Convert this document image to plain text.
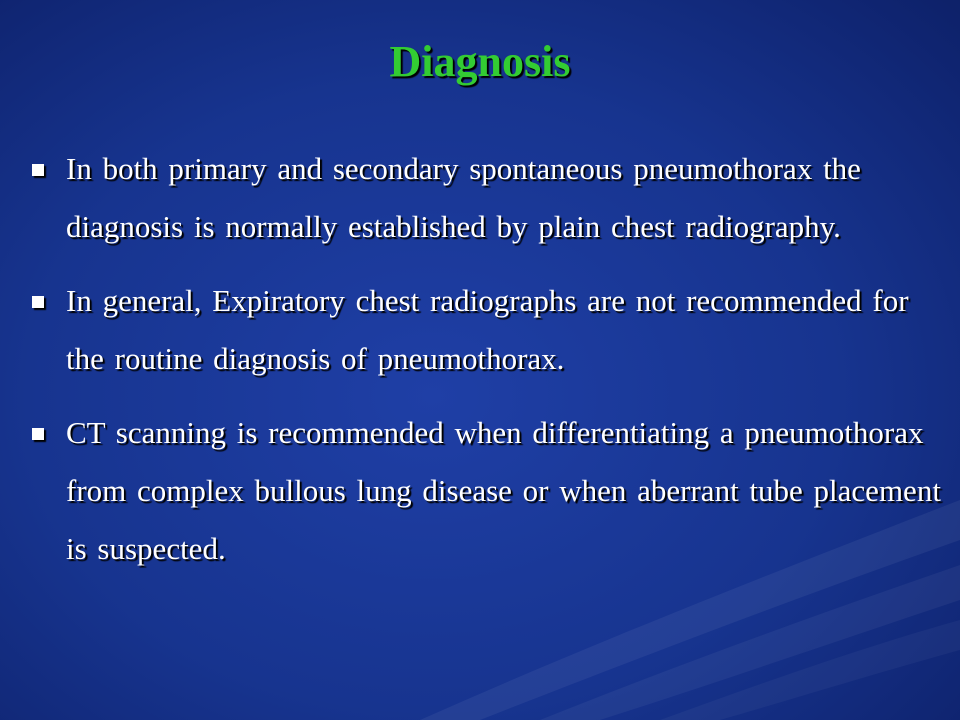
Diagnosis
In both primary and secondary spontaneous pneumothorax the diagnosis is normally established by plain chest radiography.
In general, Expiratory chest radiographs are not recommended for the routine diagnosis of pneumothorax.
CT scanning is recommended when differentiating a pneumothorax from complex bullous lung disease or when aberrant tube placement is suspected.
